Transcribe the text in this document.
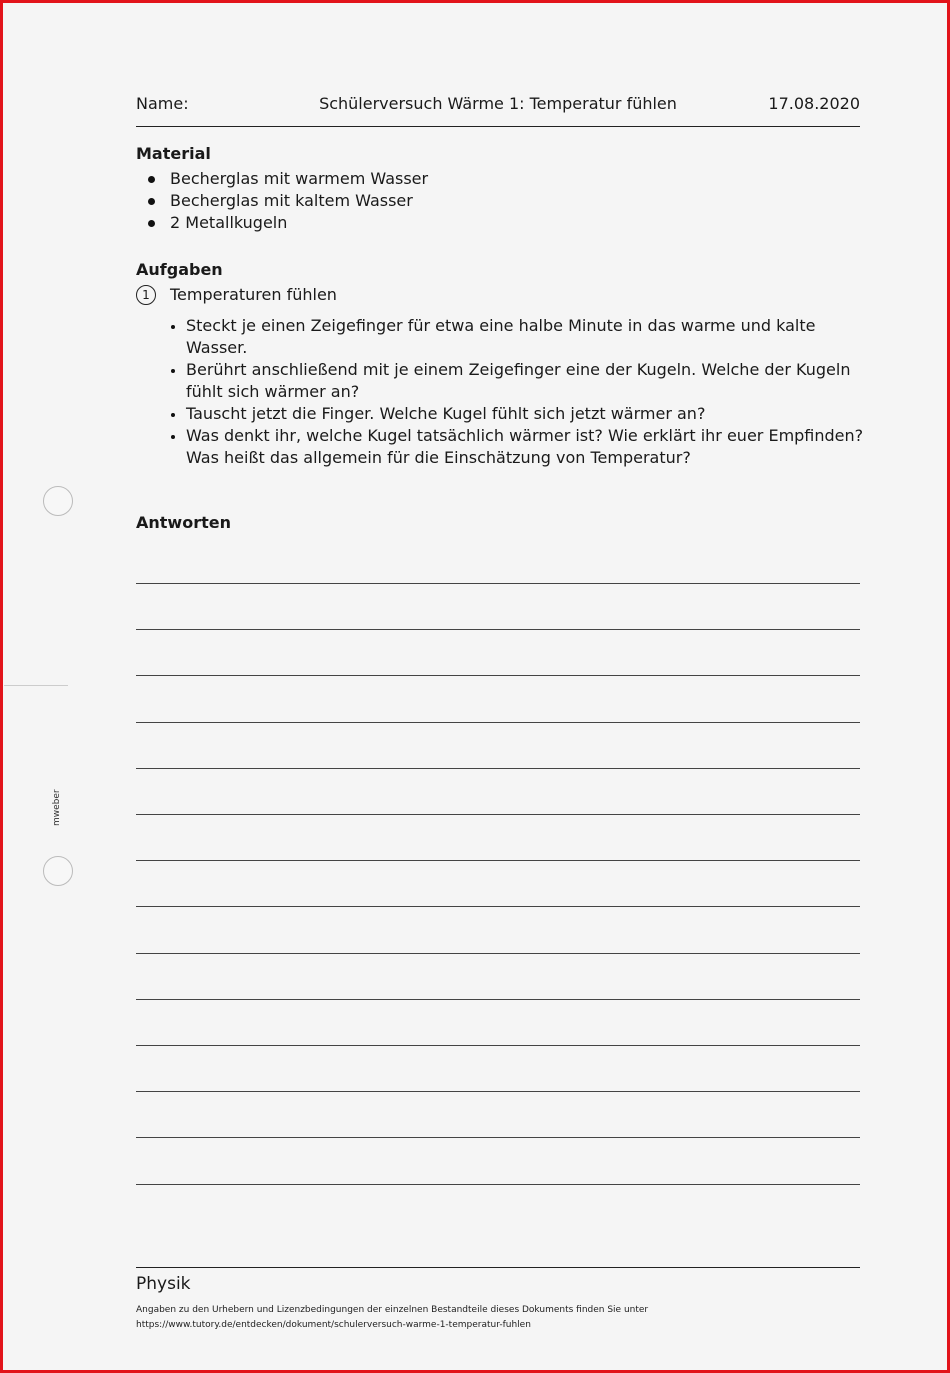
Name:	Schülerversuch Wärme 1: Temperatur fühlen	17.08.2020
Material
Becherglas mit warmem Wasser
Becherglas mit kaltem Wasser
2 Metallkugeln
Aufgaben
1	Temperaturen fühlen
Steckt je einen Zeigefinger für etwa eine halbe Minute in das warme und kalte Wasser.
Berührt anschließend mit je einem Zeigefinger eine der Kugeln. Welche der Kugeln fühlt sich wärmer an?
Tauscht jetzt die Finger. Welche Kugel fühlt sich jetzt wärmer an?
Was denkt ihr, welche Kugel tatsächlich wärmer ist? Wie erklärt ihr euer Empfinden? Was heißt das allgemein für die Einschätzung von Temperatur?
Antworten
mweber
Physik
Angaben zu den Urhebern und Lizenzbedingungen der einzelnen Bestandteile dieses Dokuments finden Sie unter
https://www.tutory.de/entdecken/dokument/schulerversuch-warme-1-temperatur-fuhlen
